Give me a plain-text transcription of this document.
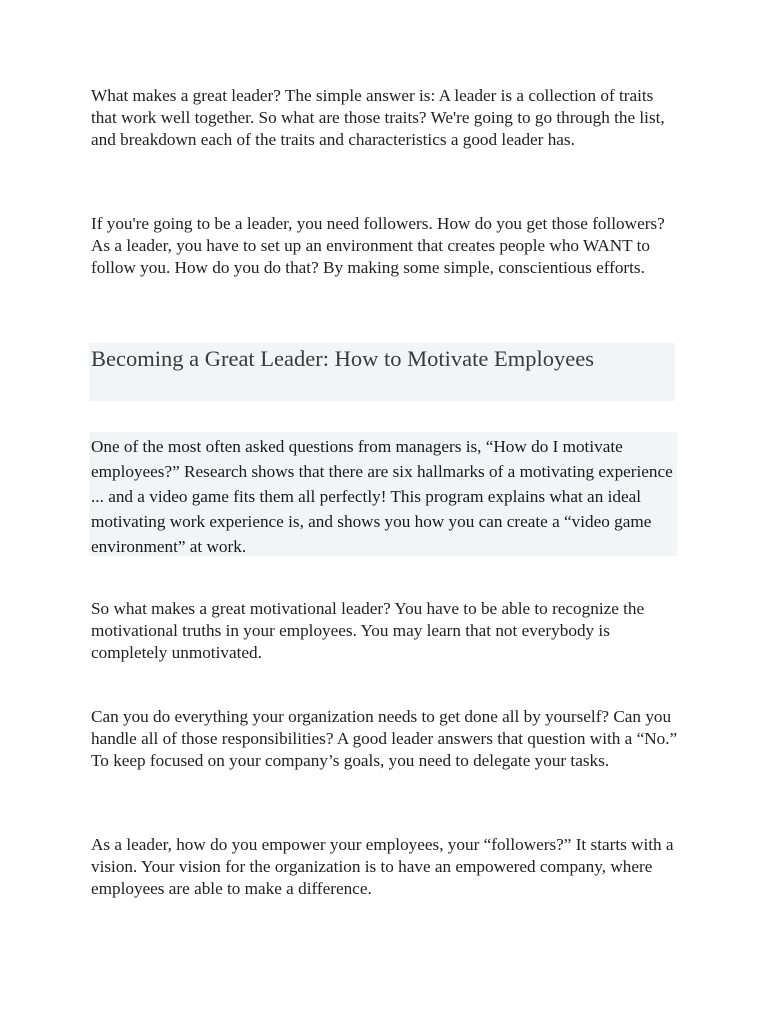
What makes a great leader? The simple answer is: A leader is a collection of traits that work well together. So what are those traits? We're going to go through the list, and breakdown each of the traits and characteristics a good leader has.

If you're going to be a leader, you need followers. How do you get those followers? As a leader, you have to set up an environment that creates people who WANT to follow you. How do you do that? By making some simple, conscientious efforts.

Becoming a Great Leader: How to Motivate Employees

One of the most often asked questions from managers is, “How do I motivate employees?” Research shows that there are six hallmarks of a motivating experience ... and a video game fits them all perfectly! This program explains what an ideal motivating work experience is, and shows you how you can create a “video game environment” at work.

So what makes a great motivational leader? You have to be able to recognize the motivational truths in your employees. You may learn that not everybody is completely unmotivated.

Can you do everything your organization needs to get done all by yourself? Can you handle all of those responsibilities? A good leader answers that question with a “No.” To keep focused on your company’s goals, you need to delegate your tasks.

As a leader, how do you empower your employees, your “followers?” It starts with a vision. Your vision for the organization is to have an empowered company, where employees are able to make a difference.
